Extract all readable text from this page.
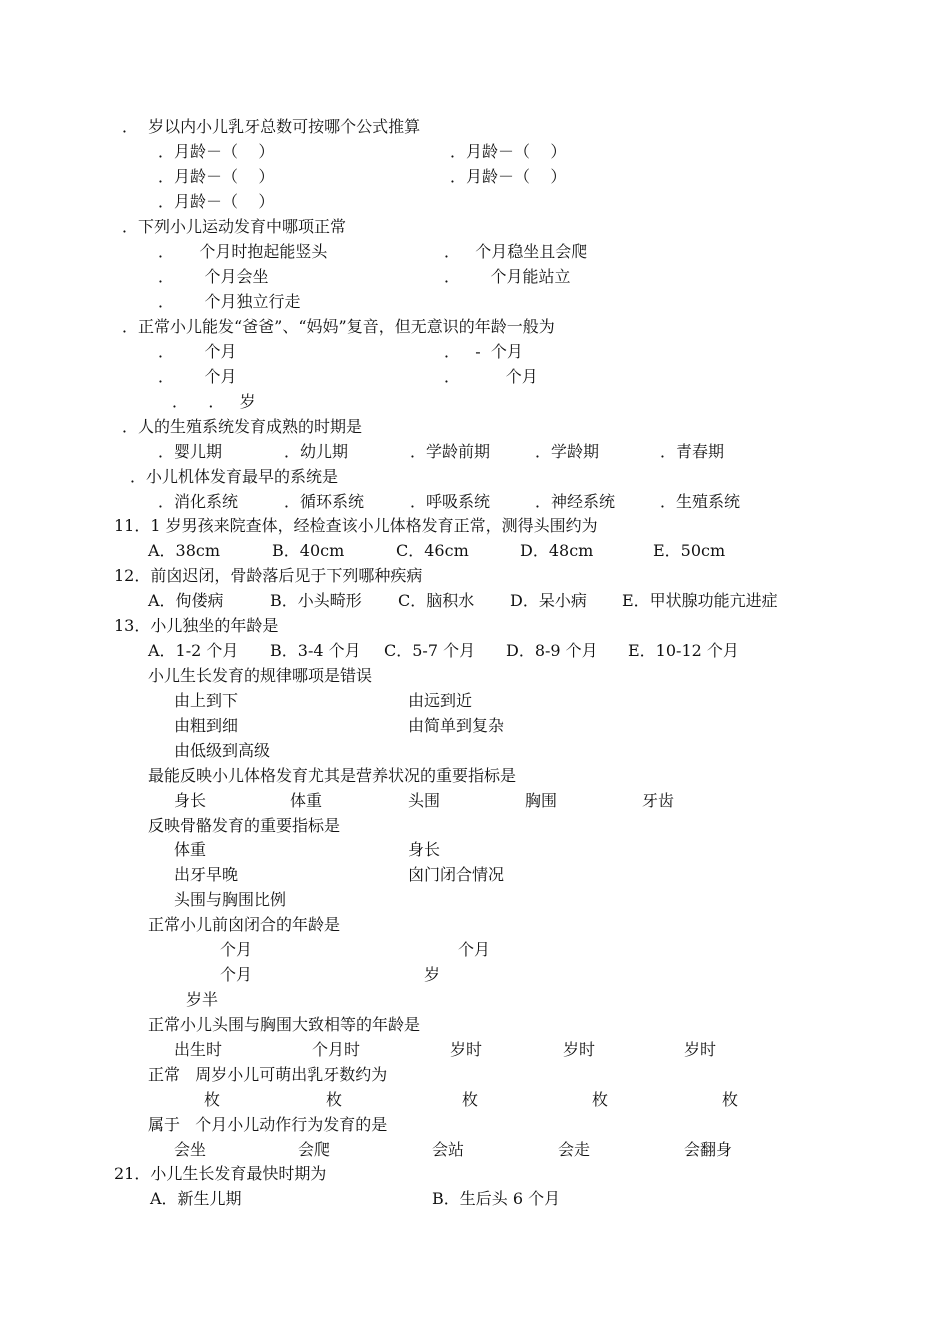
．  岁以内小儿乳牙总数可按哪个公式推算
．月龄－（    ）	．月龄－（    ）
．月龄－（    ）	．月龄－（    ）
．月龄－（    ）
．下列小儿运动发育中哪项正常
．     个月时抱起能竖头	．   个月稳坐且会爬
．      个月会坐	．      个月能站立
．      个月独立行走
．正常小儿能发“爸爸”、“妈妈”复音，但无意识的年龄一般为
．      个月	．   -  个月
．      个月	．         个月
．    ．   岁
．人的生殖系统发育成熟的时期是
．婴儿期	．幼儿期	．学龄前期	．学龄期	．青春期
．小儿机体发育最早的系统是
．消化系统	．循环系统	．呼吸系统	．神经系统	．生殖系统
11．1 岁男孩来院查体，经检查该小儿体格发育正常，测得头围约为
A．38cm	B．40cm	C．46cm	D．48cm	E．50cm
12．前囟迟闭，骨龄落后见于下列哪种疾病
A．佝偻病	B．小头畸形 C．脑积水 D．呆小病 E．甲状腺功能亢进症
13．小儿独坐的年龄是
A．1-2 个月 B．3-4 个月 C．5-7 个月 D．8-9 个月 E．10-12 个月
小儿生长发育的规律哪项是错误
由上到下	由远到近
由粗到细	由简单到复杂
由低级到高级
最能反映小儿体格发育尤其是营养状况的重要指标是
身长	体重	头围	胸围	牙齿
反映骨骼发育的重要指标是
体重	身长
出牙早晚	囟门闭合情况
头围与胸围比例
正常小儿前囟闭合的年龄是
个月	个月
个月	岁
岁半
正常小儿头围与胸围大致相等的年龄是
出生时	个月时	岁时	岁时	岁时
正常   周岁小儿可萌出乳牙数约为
枚	枚	枚	枚	枚
属于   个月小儿动作行为发育的是
会坐	会爬	会站	会走	会翻身
21．小儿生长发育最快时期为
A．新生儿期	B．生后头 6 个月
